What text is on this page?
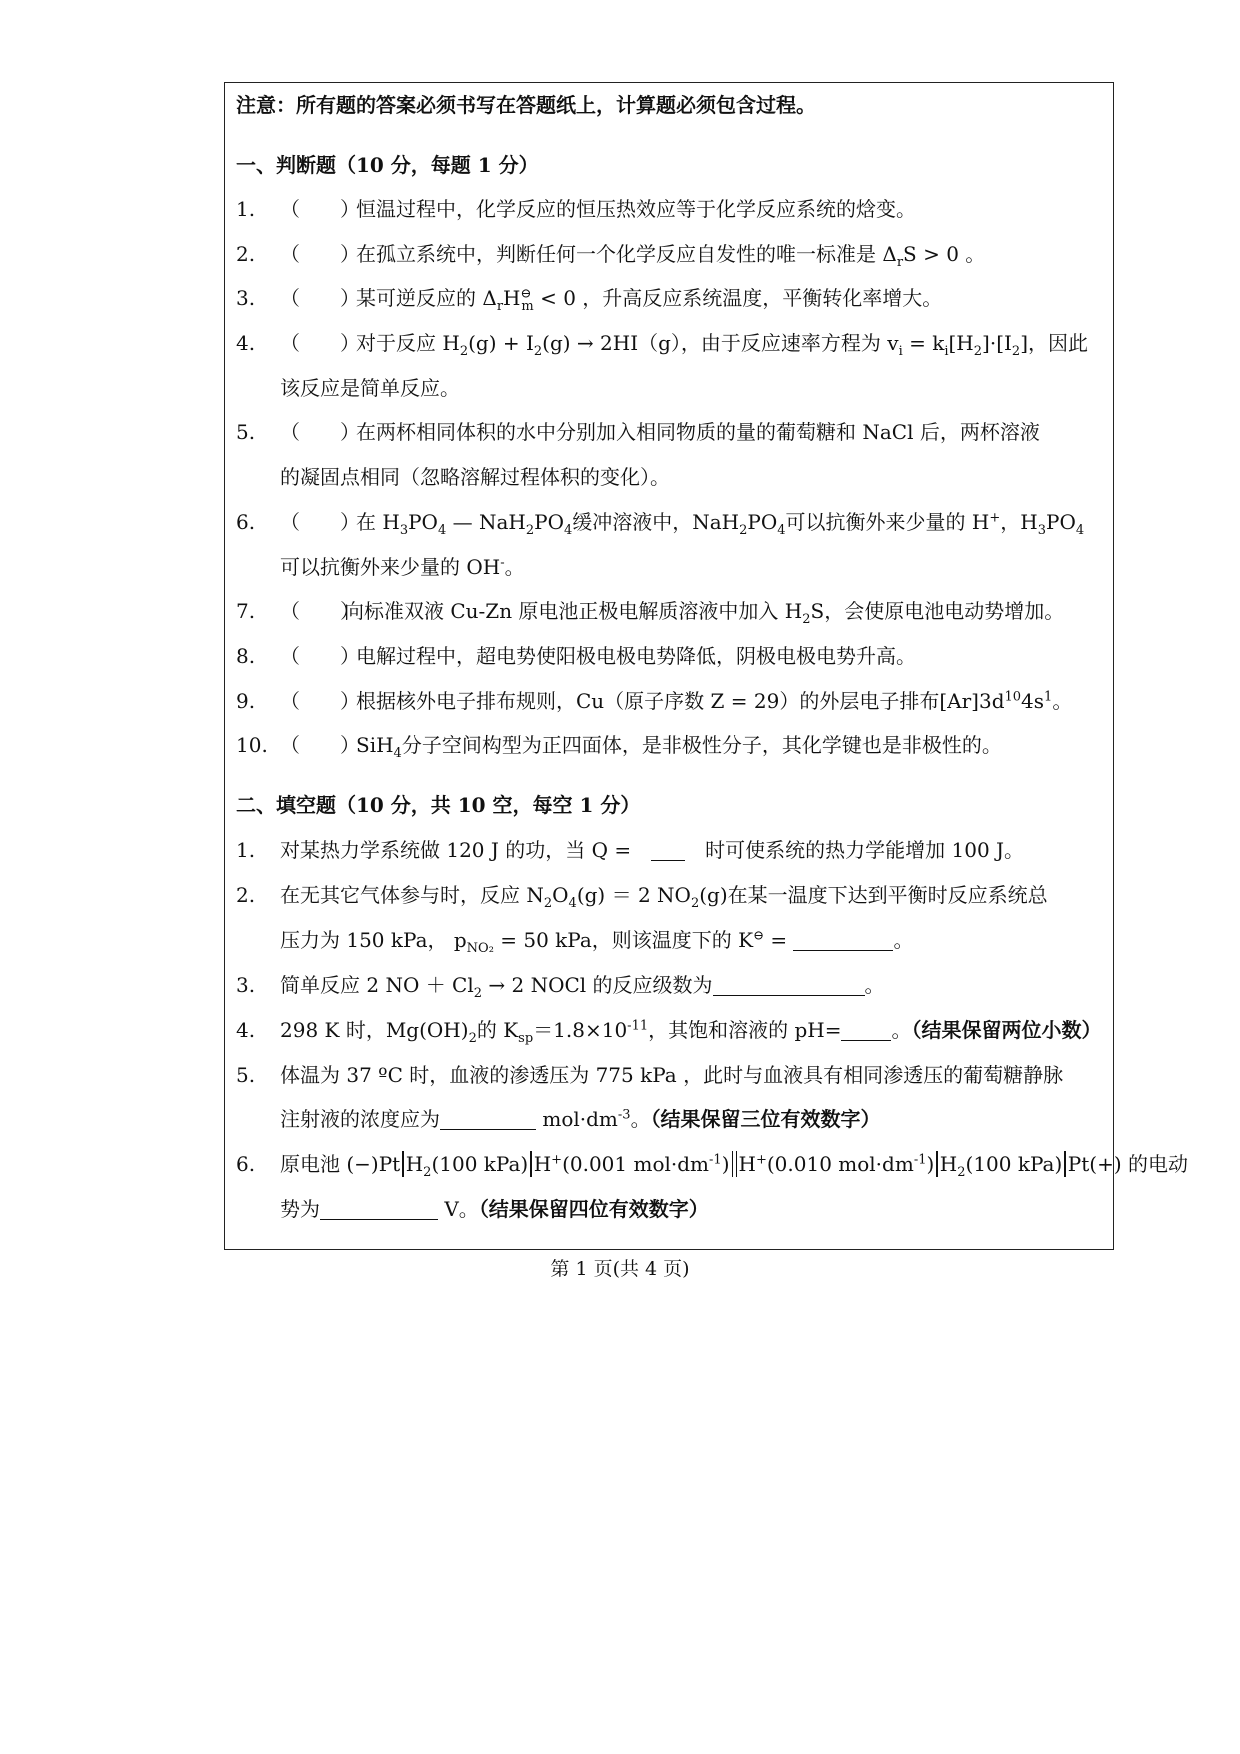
注意：所有题的答案必须书写在答题纸上，计算题必须包含过程。
一、判断题（10 分，每题 1 分）
1. （　　）恒温过程中，化学反应的恒压热效应等于化学反应系统的焓变。
2. （　　）在孤立系统中，判断任何一个化学反应自发性的唯一标准是 $\Delta_rS > 0$ 。
3. （　　）某可逆反应的 $\Delta_rH^⊖_m < 0$ ，升高反应系统温度，平衡转化率增大。
4. （　　）对于反应 $H_2(g) + I_2(g) \to 2HI(g)$，由于反应速率方程为 $v_i = k_i[H_2]\cdot[I_2]$，因此
该反应是简单反应。
5. （　　）在两杯相同体积的水中分别加入相同物质的量的葡萄糖和 NaCl 后，两杯溶液
的凝固点相同（忽略溶解过程体积的变化）。
6. （　　）在 $H_3PO_4$ — $NaH_2PO_4$缓冲溶液中，$NaH_2PO_4$可以抗衡外来少量的 H+，$H_3PO_4$
可以抗衡外来少量的 OH-。
7. （　　）向标准双液 Cu-Zn 原电池正极电解质溶液中加入 $H_2S$，会使原电池电动势增加。
8. （　　）电解过程中，超电势使阳极电极电势降低，阴极电极电势升高。
9. （　　）根据核外电子排布规则，Cu（原子序数 Z = 29）的外层电子排布$[Ar]3d^{10}4s^1$。
10. （　　）SiH$_4$分子空间构型为正四面体，是非极性分子，其化学键也是非极性的。
二、填空题（10 分，共 10 空，每空 1 分）
1. 对某热力学系统做 120 J 的功，当 Q =　　时可使系统的热力学能增加 100 J。
2. 在无其它气体参与时，反应 $N_2O_4(g) = 2$ $NO_2(g)$在某一温度下达到平衡时反应系统总
压力为 150 kPa， $p_{NO_2} = 50$ kPa，则该温度下的 K⊖ =	。
3. 简单反应 2 NO ＋ $Cl_2 \to 2$ NOCl 的反应级数为	。
4. 298 K 时，$Mg(OH)_2$的 $K_{sp}=1.8\times 10^{-11}$，其饱和溶液的 pH=	。（结果保留两位小数）
5. 体温为 37 ºC 时，血液的渗透压为 775 kPa ，此时与血液具有相同渗透压的葡萄糖静脉
注射液的浓度应为	$mol\cdot dm^{-3}$。（结果保留三位有效数字）
6. 原电池 (−)Pt $H_2(100$ kPa) H+(0.001 $mol\cdot dm^{-1}$) H+(0.010 $mol\cdot dm^{-1}$) $H_2(100$ kPa) Pt(+) 的电动
势为	V。（结果保留四位有效数字）
第 1 页(共 4 页)
